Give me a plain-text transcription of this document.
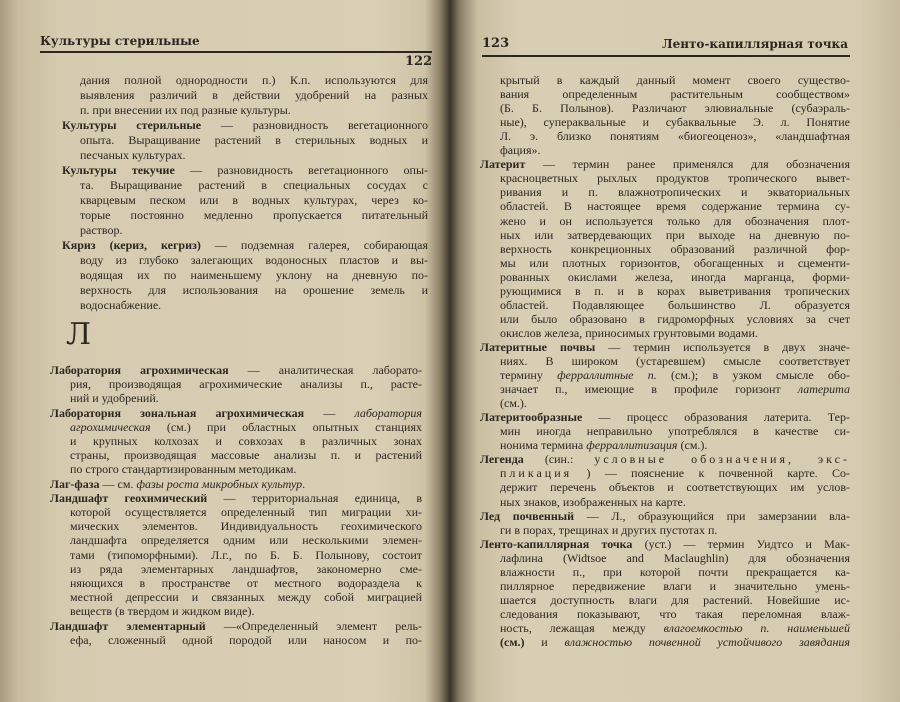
Культуры стерильные
122
Л
дания полной однородности п.) К.п. используются для
выявления различий в действии удобрений на разных
п. при внесении их под разные культуры.
Культуры стерильные — разновидность вегетационного
опыта. Выращивание растений в стерильных водных и
песчаных культурах.
Культуры текучие — разновидность вегетационного опы-
та. Выращивание растений в специальных сосудах с
кварцевым песком или в водных культурах, через ко-
торые постоянно медленно пропускается питательный
раствор.
Кяриз (кериз, кегриз) — подземная галерея, собирающая
воду из глубоко залегающих водоносных пластов и вы-
водящая их по наименьшему уклону на дневную по-
верхность для использования на орошение земель и
водоснабжение.
Лаборатория агрохимическая — аналитическая лаборато-
рия, производящая агрохимические анализы п., расте-
ний и удобрений.
Лаборатория зональная агрохимическая — лаборатория
агрохимическая (см.) при областных опытных станциях
и крупных колхозах и совхозах в различных зонах
страны, производящая массовые анализы п. и растений
по строго стандартизированным методикам.
Лаг-фаза — см. фазы роста микробных культур.
Ландшафт геохимический — территориальная единица, в
которой осуществляется определенный тип миграции хи-
мических элементов. Индивидуальность геохимического
ландшафта определяется одним или несколькими элемен-
тами (типоморфными). Л.г., по Б. Б. Полынову, состоит
из ряда элементарных ландшафтов, закономерно сме-
няющихся в пространстве от местного водораздела к
местной депрессии и связанных между собой миграцией
веществ (в твердом и жидком виде).
Ландшафт элементарный —«Определенный элемент рель-
ефа, сложенный одной породой или наносом и по-
123	Ленто-капиллярная точка
крытый в каждый данный момент своего существо-
вания определенным растительным сообществом»
(Б. Б. Полынов). Различают элювиальные (субаэраль-
ные), супераквальные и субаквальные Э. л. Понятие
Л. э. близко понятиям «биогеоценоз», «ландшафтная
фация».
Латерит — термин ранее применялся для обозначения
красноцветных рыхлых продуктов тропического вывет-
ривания и п. влажнотропических и экваториальных
областей. В настоящее время содержание термина су-
жено и он используется только для обозначения плот-
ных или затвердевающих при выходе на дневную по-
верхность конкреционных образований различной фор-
мы или плотных горизонтов, обогащенных и сцементи-
рованных окислами железа, иногда марганца, форми-
рующимися в п. и в корах выветривания тропических
областей. Подавляющее большинство Л. образуется
или было образовано в гидроморфных условиях за счет
окислов железа, приносимых грунтовыми водами.
Латеритные почвы — термин используется в двух значе-
ниях. В широком (устаревшем) смысле соответствует
термину ферраллитные п. (см.); в узком смысле обо-
значает п., имеющие в профиле горизонт латерита
(см.).
Латеритообразные — процесс образования латерита. Тер-
мин иногда неправильно употреблялся в качестве си-
нонима термина ферраллитизация (см.).
Легенда (син.: условные обозначения, экс-
пликация ) — пояснение к почвенной карте. Со-
держит перечень объектов и соответствующих им услов-
ных знаков, изображенных на карте.
Лед почвенный — Л., образующийся при замерзании вла-
ги в порах, трещинах и других пустотах п.
Ленто-капиллярная точка (уст.) — термин Уидтсо и Мак-
лафлина (Widtsoe and Maclaughlin) для обозначения
влажности п., при которой почти прекращается ка-
пиллярное передвижение влаги и значительно умень-
шается доступность влаги для растений. Новейшие ис-
следования показывают, что такая переломная влаж-
ность, лежащая между влагоемкостью п. наименьшей
(см.) и влажностью почвенной устойчивого завядания
